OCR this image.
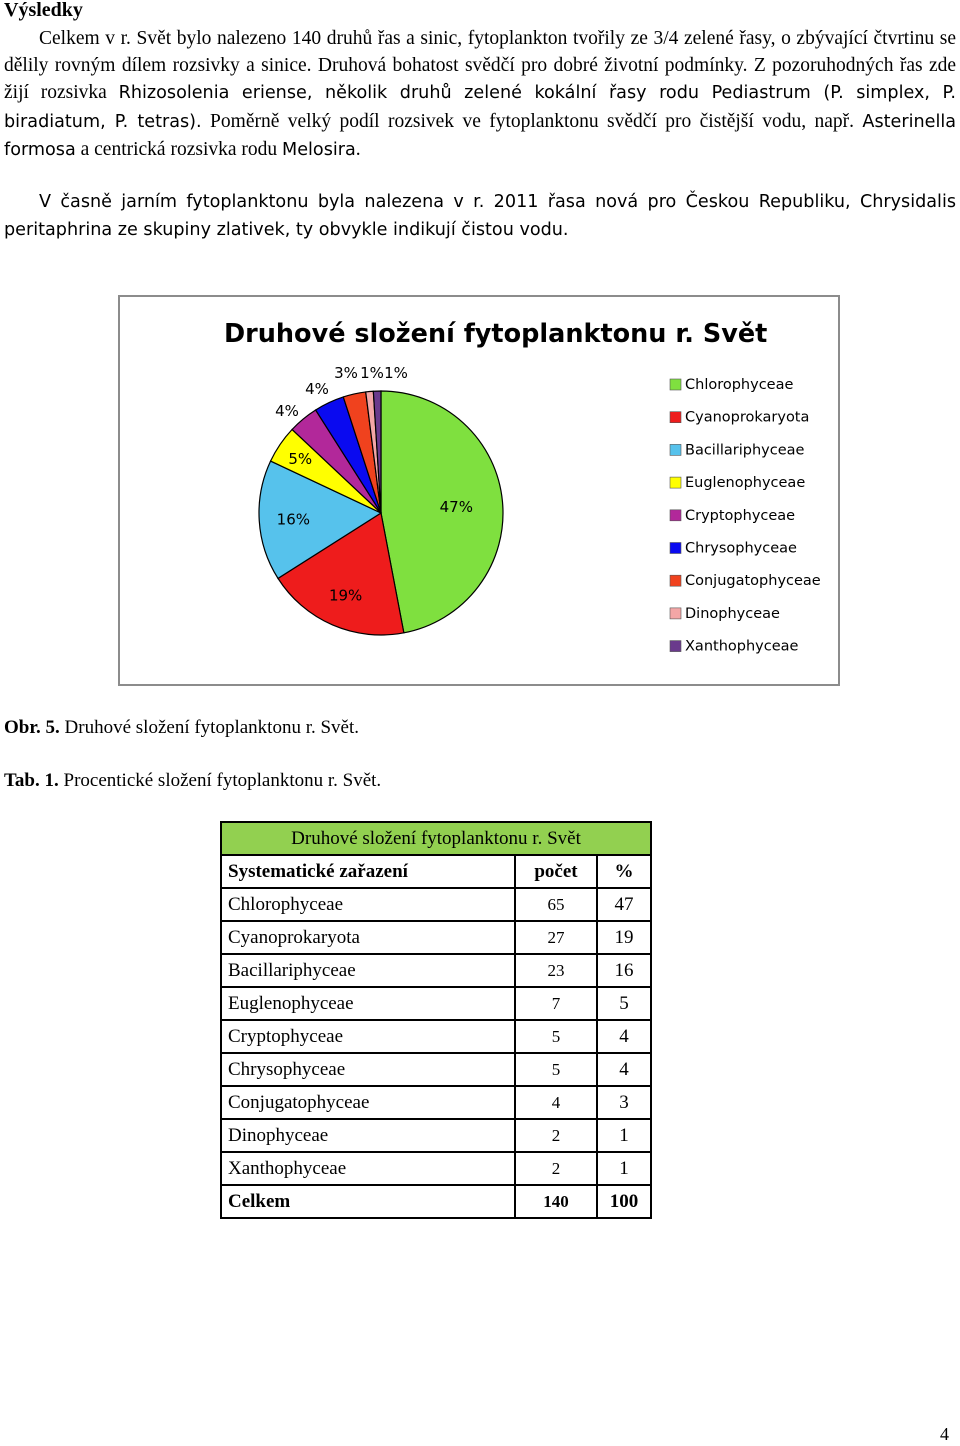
Výsledky

Celkem v r. Svět bylo nalezeno 140 druhů řas a sinic, fytoplankton tvořily ze 3/4 zelené řasy, o zbývající čtvrtinu se dělily rovným dílem rozsivky a sinice. Druhová bohatost svědčí pro dobré životní podmínky. Z pozoruhodných řas zde žijí rozsivka Rhizosolenia eriense, několik druhů zelené kokální řasy rodu Pediastrum (P. simplex, P. biradiatum, P. tetras). Poměrně velký podíl rozsivek ve fytoplanktonu svědčí pro čistější vodu, např. Asterinella formosa a centrická rozsivka rodu Melosira.

V časně jarním fytoplanktonu byla nalezena v r. 2011 řasa nová pro Českou Republiku, Chrysidalis peritaphrina ze skupiny zlativek, ty obvykle indikují čistou vodu.

Druhové složení fytoplanktonu r. Svět
47%
19%
16%
5%
4%
4%
3% 1% 1%
Chlorophyceae
Cyanoprokaryota
Bacillariphyceae
Euglenophyceae
Cryptophyceae
Chrysophyceae
Conjugatophyceae
Dinophyceae
Xanthophyceae

Obr. 5. Druhové složení fytoplanktonu r. Svět.

Tab. 1. Procentické složení fytoplanktonu r. Svět.

Druhové složení fytoplanktonu r. Svět		
Systematické zařazení	počet	%
Chlorophyceae	65	47
Cyanoprokaryota	27	19
Bacillariphyceae	23	16
Euglenophyceae	7	5
Cryptophyceae	5	4
Chrysophyceae	5	4
Conjugatophyceae	4	3
Dinophyceae	2	1
Xanthophyceae	2	1
Celkem	140	100
4
